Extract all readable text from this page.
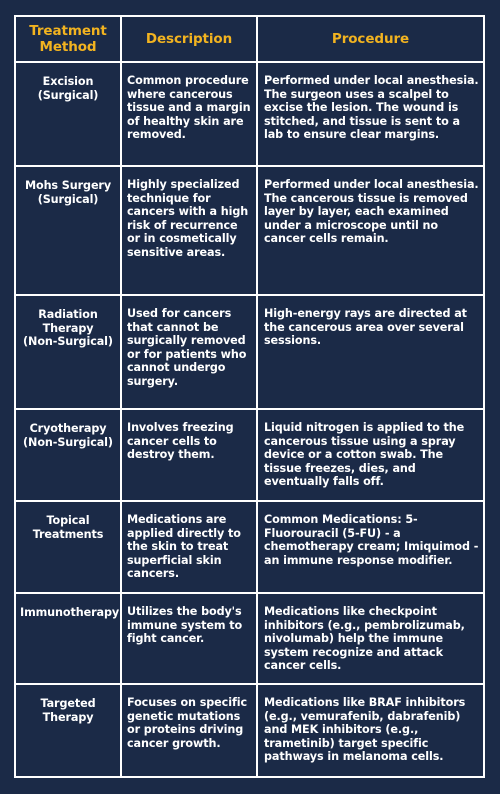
Treatment
Method	Description	Procedure
Excision
(Surgical)	Common procedure where cancerous tissue and a margin of healthy skin are removed.	Performed under local anesthesia. The surgeon uses a scalpel to excise the lesion. The wound is stitched, and tissue is sent to a lab to ensure clear margins.
Mohs Surgery
(Surgical)	Highly specialized technique for cancers with a high risk of recurrence or in cosmetically sensitive areas.	Performed under local anesthesia. The cancerous tissue is removed layer by layer, each examined under a microscope until no cancer cells remain.
Radiation
Therapy
(Non-Surgical)	Used for cancers that cannot be surgically removed or for patients who cannot undergo surgery.	High-energy rays are directed at the cancerous area over several sessions.
Cryotherapy
(Non-Surgical)	Involves freezing cancer cells to destroy them.	Liquid nitrogen is applied to the cancerous tissue using a spray device or a cotton swab. The tissue freezes, dies, and eventually falls off.
Topical
Treatments	Medications are applied directly to the skin to treat superficial skin cancers.	Common Medications: 5-Fluorouracil (5-FU) - a chemotherapy cream; Imiquimod - an immune response modifier.
Immunotherapy	Utilizes the body's immune system to fight cancer.	Medications like checkpoint inhibitors (e.g., pembrolizumab, nivolumab) help the immune system recognize and attack cancer cells.
Targeted
Therapy	Focuses on specific genetic mutations or proteins driving cancer growth.	Medications like BRAF inhibitors (e.g., vemurafenib, dabrafenib) and MEK inhibitors (e.g., trametinib) target specific pathways in melanoma cells.
